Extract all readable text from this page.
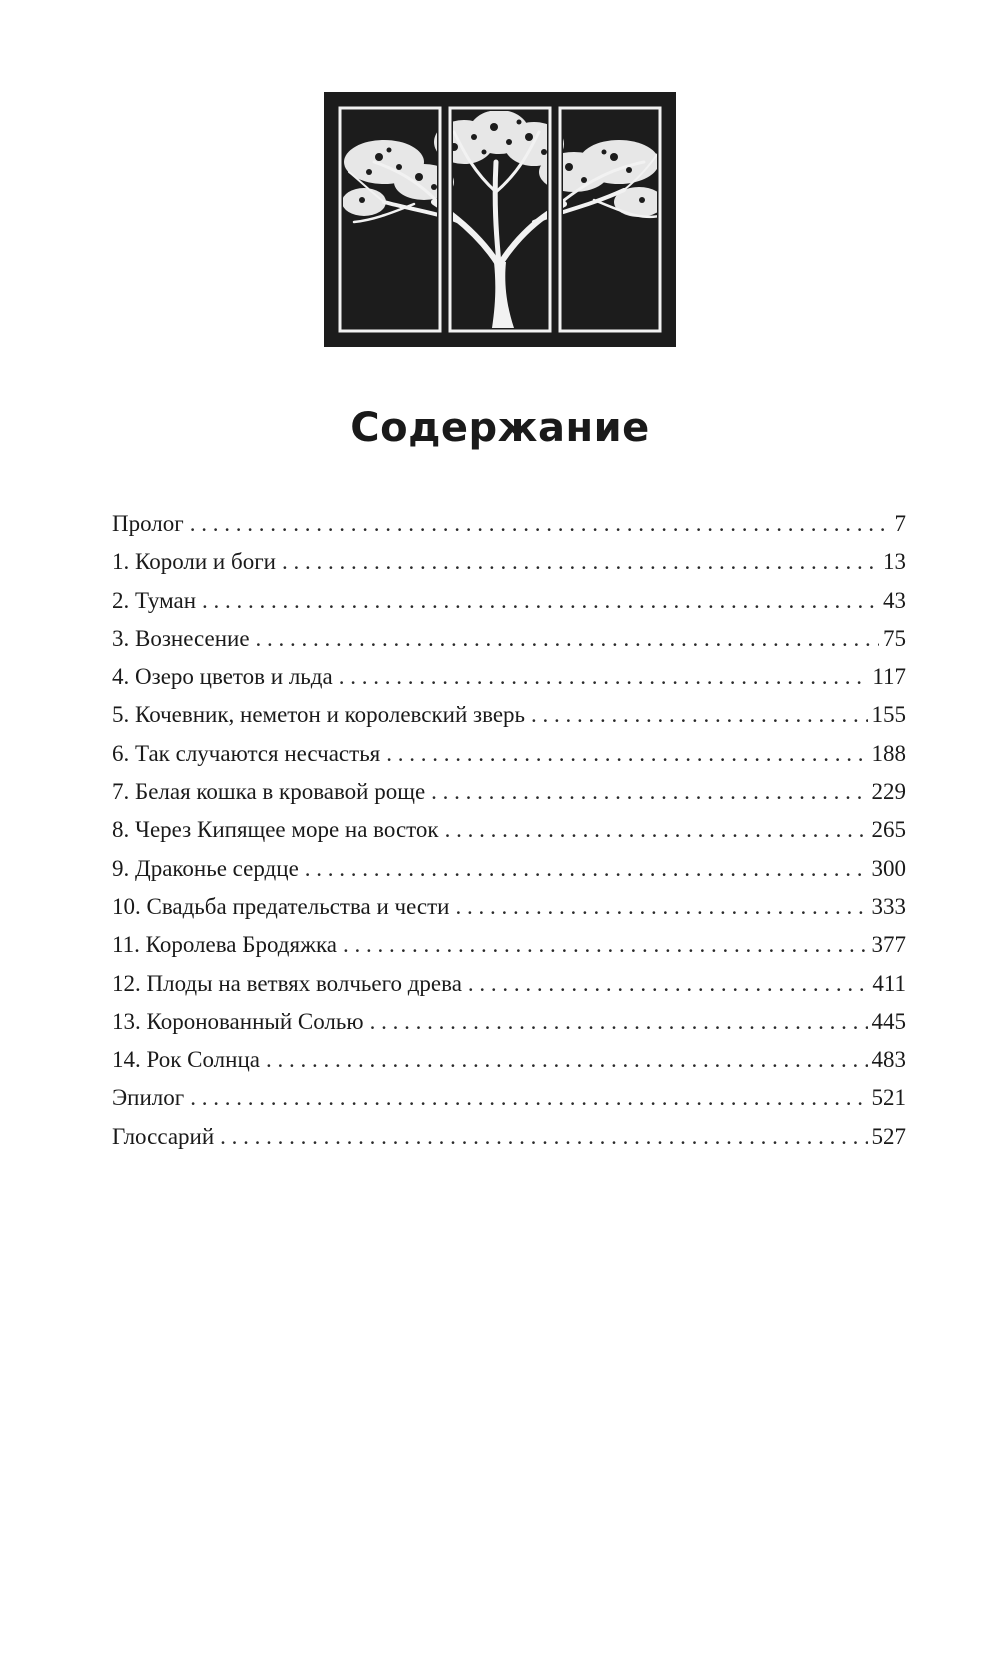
Содержание
Пролог . . .	7
1. Короли и боги . . .	13
2. Туман . . .	43
3. Вознесение . . .	75
4. Озеро цветов и льда . . .	117
5. Кочевник, неметон и королевский зверь . . .	155
6. Так случаются несчастья . . .	188
7. Белая кошка в кровавой роще . . .	229
8. Через Кипящее море на восток . . .	265
9. Драконье сердце . . .	300
10. Свадьба предательства и чести . . .	333
11. Королева Бродяжка . . .	377
12. Плоды на ветвях волчьего древа . . .	411
13. Коронованный Солью . . .	445
14. Рок Солнца . . .	483
Эпилог . . .	521
Глоссарий . . .	527
